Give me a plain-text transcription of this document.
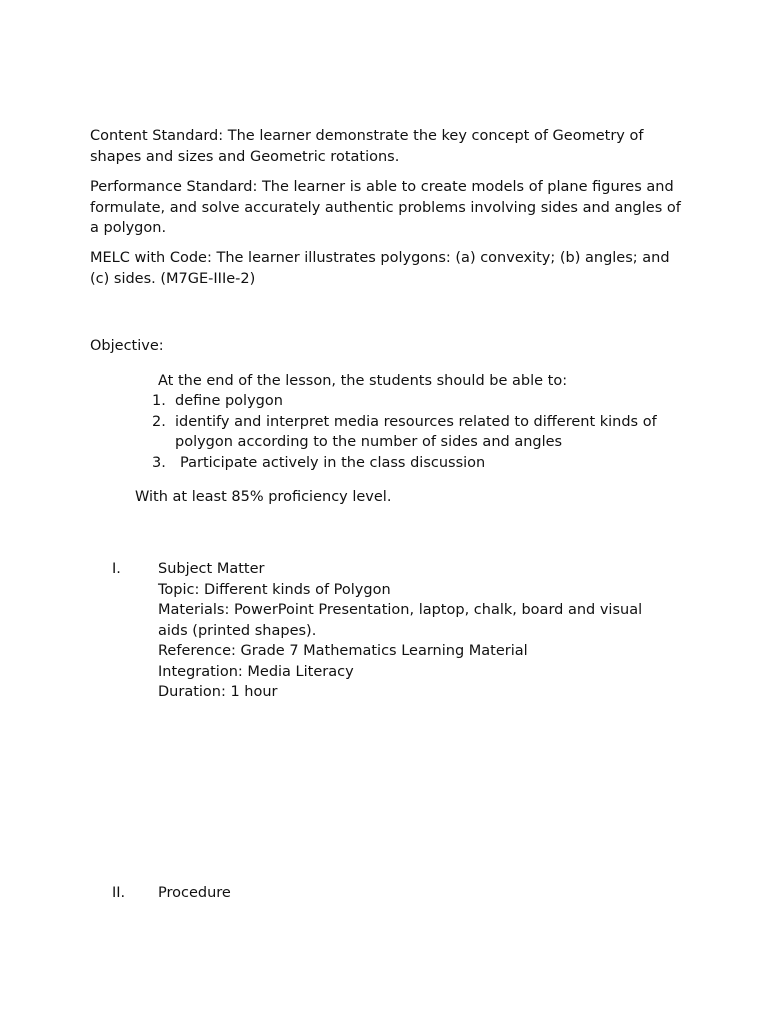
Content Standard: The learner demonstrate the key concept of Geometry of shapes and sizes and Geometric rotations.

Performance Standard: The learner is able to create models of plane figures and formulate, and solve accurately authentic problems involving sides and angles of a polygon.

MELC with Code: The learner illustrates polygons: (a) convexity; (b) angles; and (c) sides. (M7GE-IIIe-2)

Objective:

At the end of the lesson, the students should be able to:

1. define polygon
2. identify and interpret media resources related to different kinds of polygon according to the number of sides and angles
3. Participate actively in the class discussion

With at least 85% proficiency level.

I.	Subject Matter

Topic: Different kinds of Polygon

Materials: PowerPoint Presentation, laptop, chalk, board and visual aids (printed shapes).

Reference: Grade 7 Mathematics Learning Material

Integration: Media Literacy

Duration: 1 hour

II. Procedure
